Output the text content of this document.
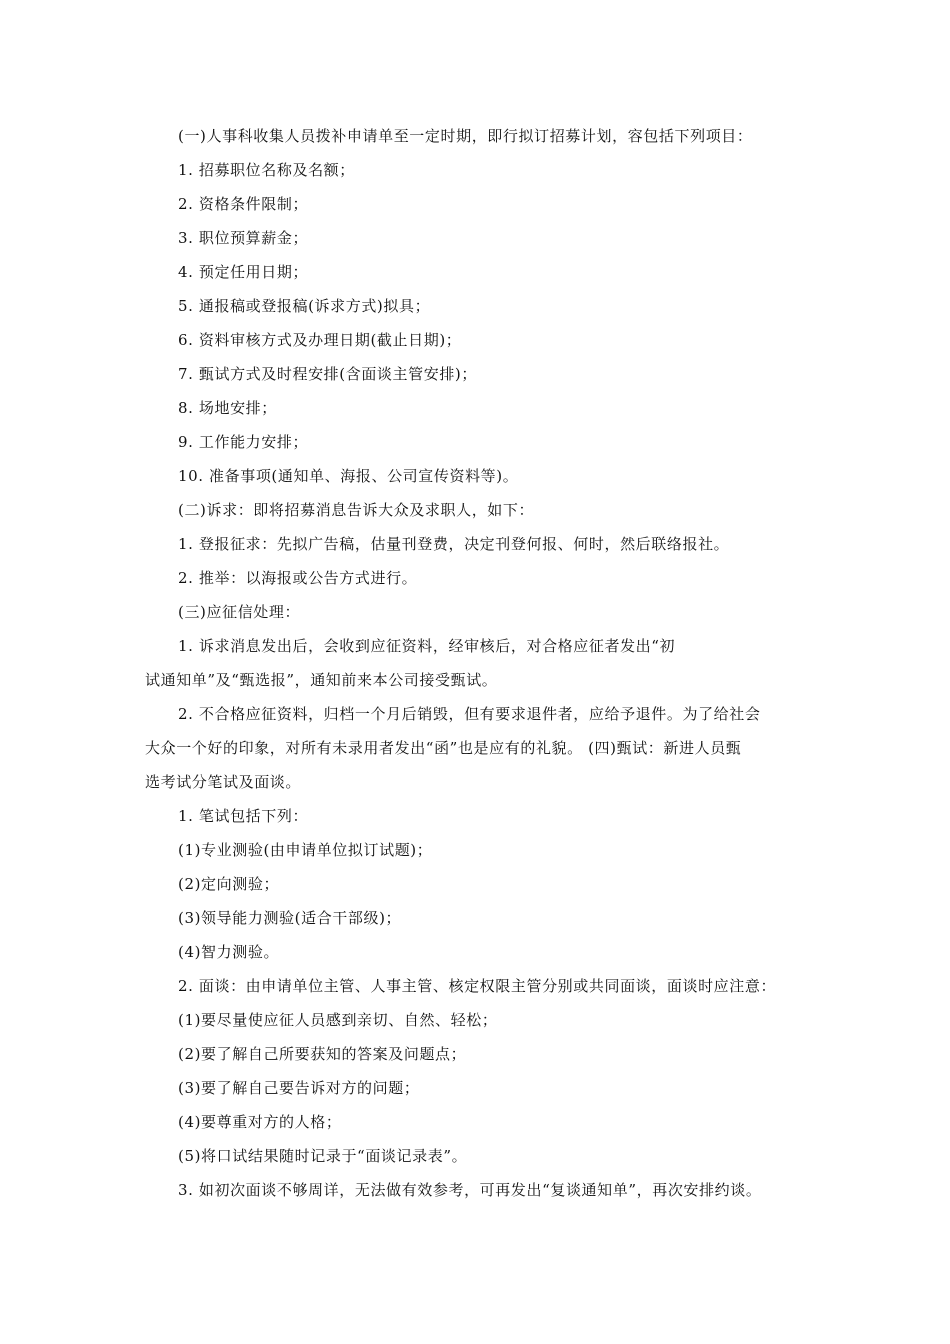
(一)人事科收集人员拨补申请单至一定时期，即行拟订招募计划，容包括下列项目：
1. 招募职位名称及名额；
2. 资格条件限制；
3. 职位预算薪金；
4. 预定任用日期；
5. 通报稿或登报稿(诉求方式)拟具；
6. 资料审核方式及办理日期(截止日期)；
7. 甄试方式及时程安排(含面谈主管安排)；
8. 场地安排；
9. 工作能力安排；
10. 准备事项(通知单、海报、公司宣传资料等)。
(二)诉求：即将招募消息告诉大众及求职人，如下：
1. 登报征求：先拟广告稿，估量刊登费，决定刊登何报、何时，然后联络报社。
2. 推举：以海报或公告方式进行。
(三)应征信处理：
1. 诉求消息发出后，会收到应征资料，经审核后，对合格应征者发出“初
试通知单”及“甄选报”，通知前来本公司接受甄试。
2. 不合格应征资料，归档一个月后销毁，但有要求退件者，应给予退件。为了给社会
大众一个好的印象，对所有未录用者发出“函”也是应有的礼貌。 (四)甄试：新进人员甄
选考试分笔试及面谈。
1. 笔试包括下列：
(1)专业测验(由申请单位拟订试题)；
(2)定向测验；
(3)领导能力测验(适合干部级)；
(4)智力测验。
2. 面谈：由申请单位主管、人事主管、核定权限主管分别或共同面谈，面谈时应注意：
(1)要尽量使应征人员感到亲切、自然、轻松；
(2)要了解自己所要获知的答案及问题点；
(3)要了解自己要告诉对方的问题；
(4)要尊重对方的人格；
(5)将口试结果随时记录于“面谈记录表”。
3. 如初次面谈不够周详，无法做有效参考，可再发出“复谈通知单”，再次安排约谈。
